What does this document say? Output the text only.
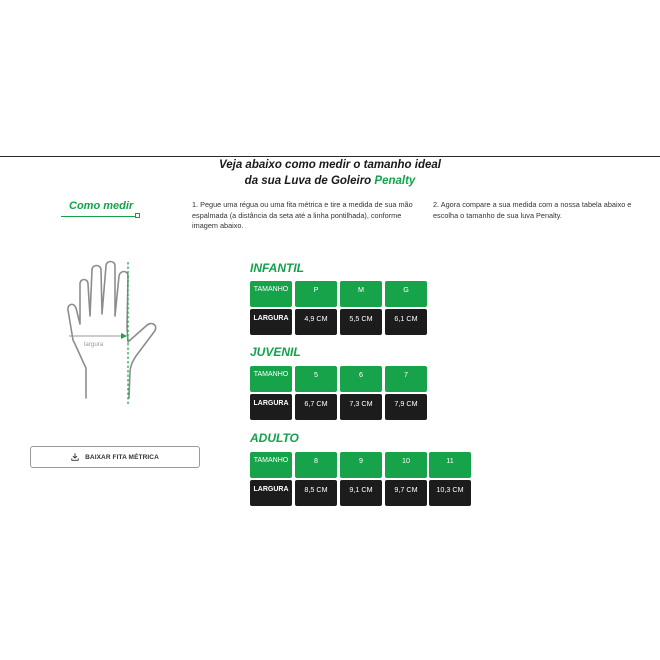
Veja abaixo como medir o tamanho ideal
da sua Luva de Goleiro Penalty
Como medir	1. Pegue uma régua ou uma fita métrica e tire a medida de sua mão espalmada (a distância da seta até a linha pontilhada), conforme imagem abaixo.

2. Agora compare a sua medida com a nossa tabela abaixo e escolha o tamanho de sua luva Penalty.

largura
BAIXAR FITA MÉTRICA
INFANTIL
JUVENIL
ADULTO
TAMANHO	P	M	G
LARGURA	4,9 CM	5,5 CM	6,1 CM
TAMANHO	5	6	7
LARGURA	6,7 CM	7,3 CM	7,9 CM
TAMANHO	8	9	10	11
LARGURA	8,5 CM	9,1 CM	9,7 CM	10,3 CM
